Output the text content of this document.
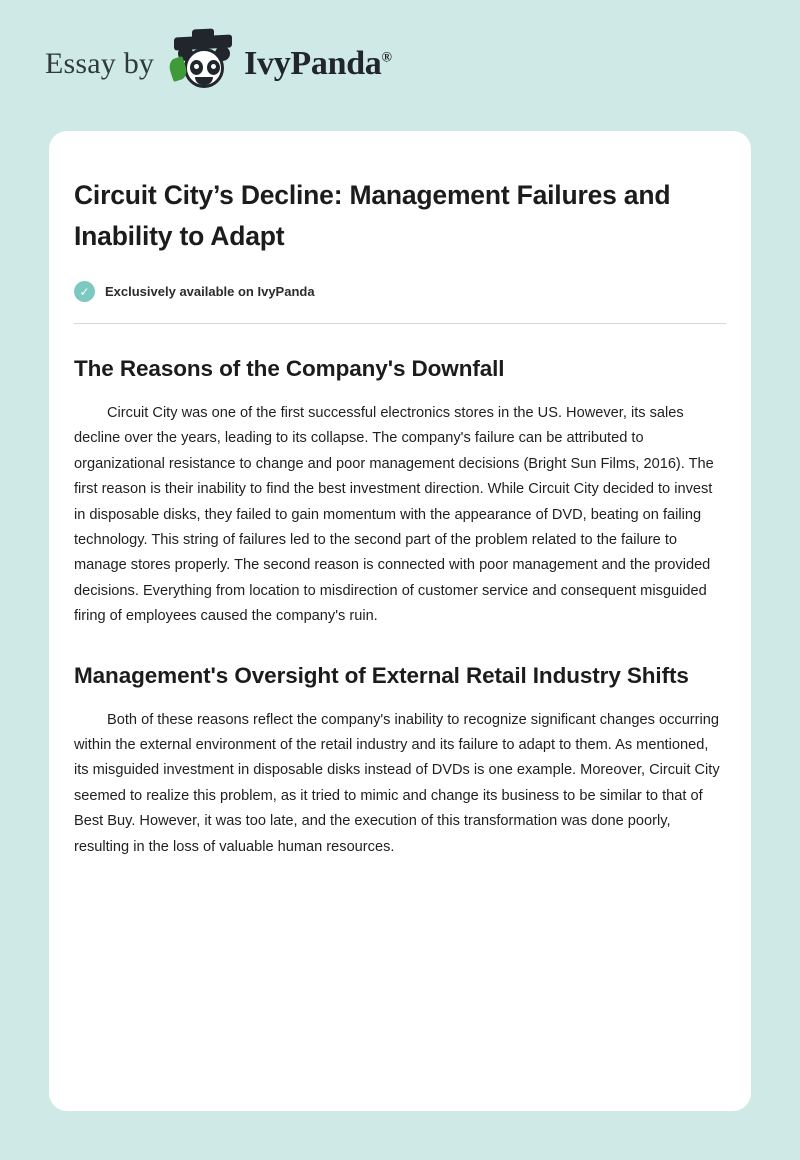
Essay by	IvyPanda®
Circuit City’s Decline: Management Failures and Inability to Adapt
✓	Exclusively available on IvyPanda
The Reasons of the Company's Downfall

Circuit City was one of the first successful electronics stores in the US. However, its sales decline over the years, leading to its collapse. The company's failure can be attributed to organizational resistance to change and poor management decisions (Bright Sun Films, 2016). The first reason is their inability to find the best investment direction. While Circuit City decided to invest in disposable disks, they failed to gain momentum with the appearance of DVD, beating on failing technology. This string of failures led to the second part of the problem related to the failure to manage stores properly. The second reason is connected with poor management and the provided decisions. Everything from location to misdirection of customer service and consequent misguided firing of employees caused the company's ruin.

Management's Oversight of External Retail Industry Shifts

Both of these reasons reflect the company's inability to recognize significant changes occurring within the external environment of the retail industry and its failure to adapt to them. As mentioned, its misguided investment in disposable disks instead of DVDs is one example. Moreover, Circuit City seemed to realize this problem, as it tried to mimic and change its business to be similar to that of Best Buy. However, it was too late, and the execution of this transformation was done poorly, resulting in the loss of valuable human resources.
